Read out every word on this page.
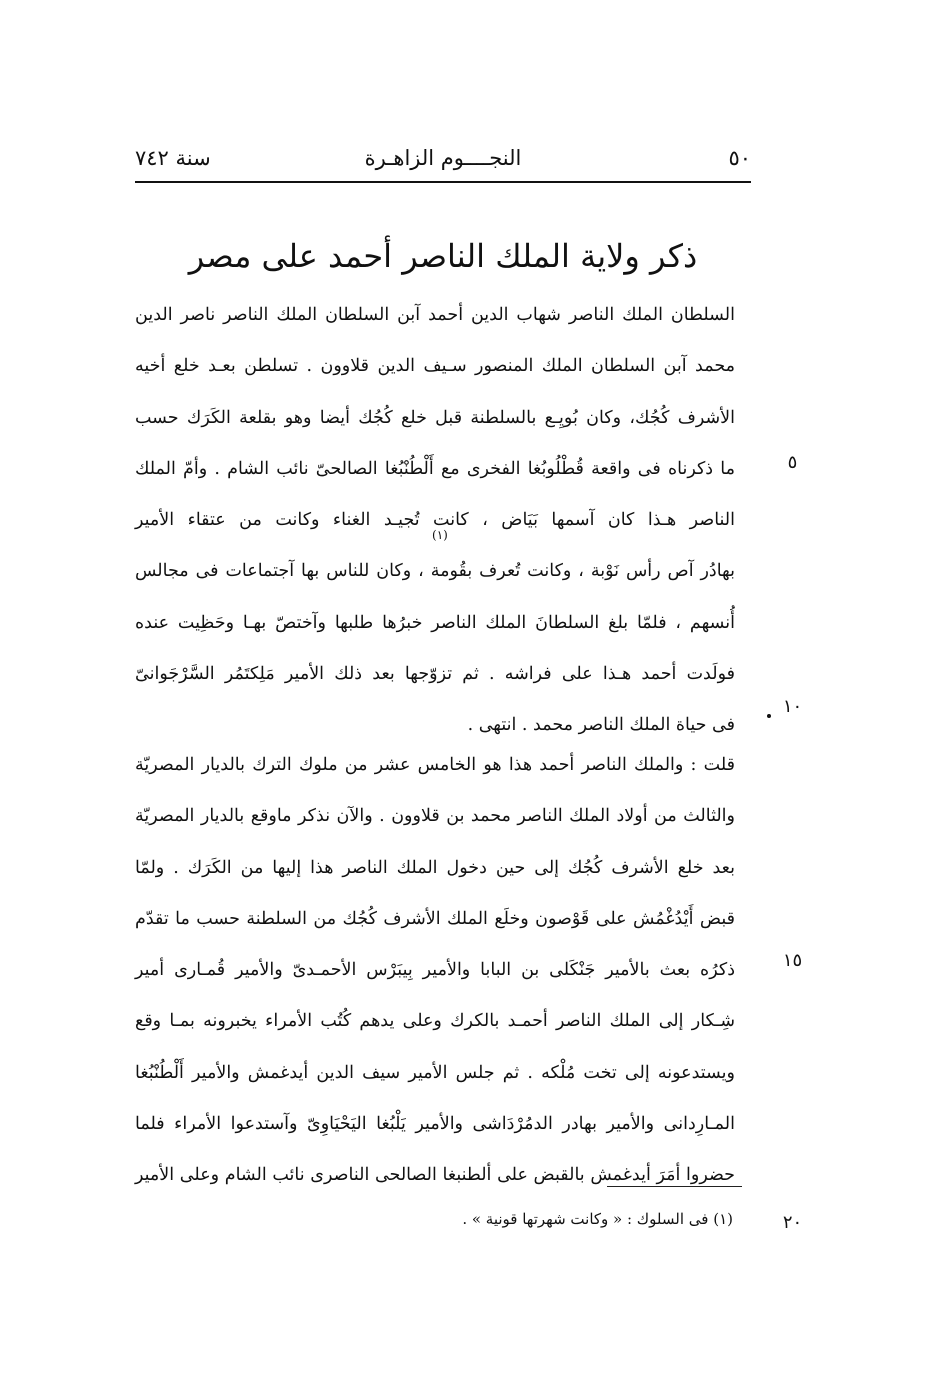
٥٠
النجــــوم الزاهـرة
سنة ٧٤٢
ذكر ولاية الملك الناصر أحمد على مصر
السلطان الملك الناصر شهاب الدين أحمد آبن السلطان الملك الناصر ناصر الدين
محمد آبن السلطان الملك المنصور سـيف الدين قلاوون . تسلطن بعـد خلع أخيه
الأشرف كُجُك، وكان بُويِـع بالسلطنة قبل خلع كُجُك أيضا وهو بقلعة الكَرَك حسب
ما ذكرناه فى واقعة قُطْلُوبُغا الفخرى مع أَلْطُنْبُغا الصالحىّ نائب الشام . وأمّ الملك
الناصر هـذا كان آسمها بَيَاض ، كانت تُجيـد الغناء وكانت من عتقاء الأمير
بهادُر آص رأس نَوْبة ، وكانت تُعرف بقُومة ، وكان للناس بها آجتماعات فى مجالس
أُنسهم ، فلمّا بلغ السلطانَ الملك الناصر خبرُها طلبها وآختصّ بهـا وحَظِيت عنده
فولَدت أحمد هـذا على فراشه . ثم تزوّجها بعد ذلك الأمير مَلِكتَمُر السَّرْجَوانىّ
فى حياة الملك الناصر محمد . انتهى .
(١)
قلت : والملك الناصر أحمد هذا هو الخامس عشر من ملوك الترك بالديار المصريّة
والثالث من أولاد الملك الناصر محمد بن قلاوون . والآن نذكر ماوقع بالديار المصريّة
بعد خلع الأشرف كُجُك إلى حين دخول الملك الناصر هذا إليها من الكَرَك . ولمّا
قبض أَيْدُغْمُش على قَوْصون وخلَع الملك الأشرف كُجُك من السلطنة حسب ما تقدّم
ذكرُه بعث بالأمير جَنْكَلى بن البابا والأمير بِيبَرْس الأحمـدىّ والأمير قُمـارى أمير
شِـكار إلى الملك الناصر أحمـد بالكرك وعلى يدهم كُتُب الأمراء يخبرونه بمـا وقع
ويستدعونه إلى تخت مُلْكه . ثم جلس الأمير سيف الدين أيدغمش والأمير أَلْطُنْبُغا
المـارِدانى والأمير بهادر الدمُرْدَاشى والأمير يَلْبُغا اليَحْيَاوِىّ وآستدعوا الأمراء فلما
حضروا أمَرَ أيدغمش بالقبض على ألطنبغا الصالحى الناصرى نائب الشام وعلى الأمير
(١) فى السلوك : « وكانت شهرتها قونية » .
٥
١٠
١٥
٢٠
